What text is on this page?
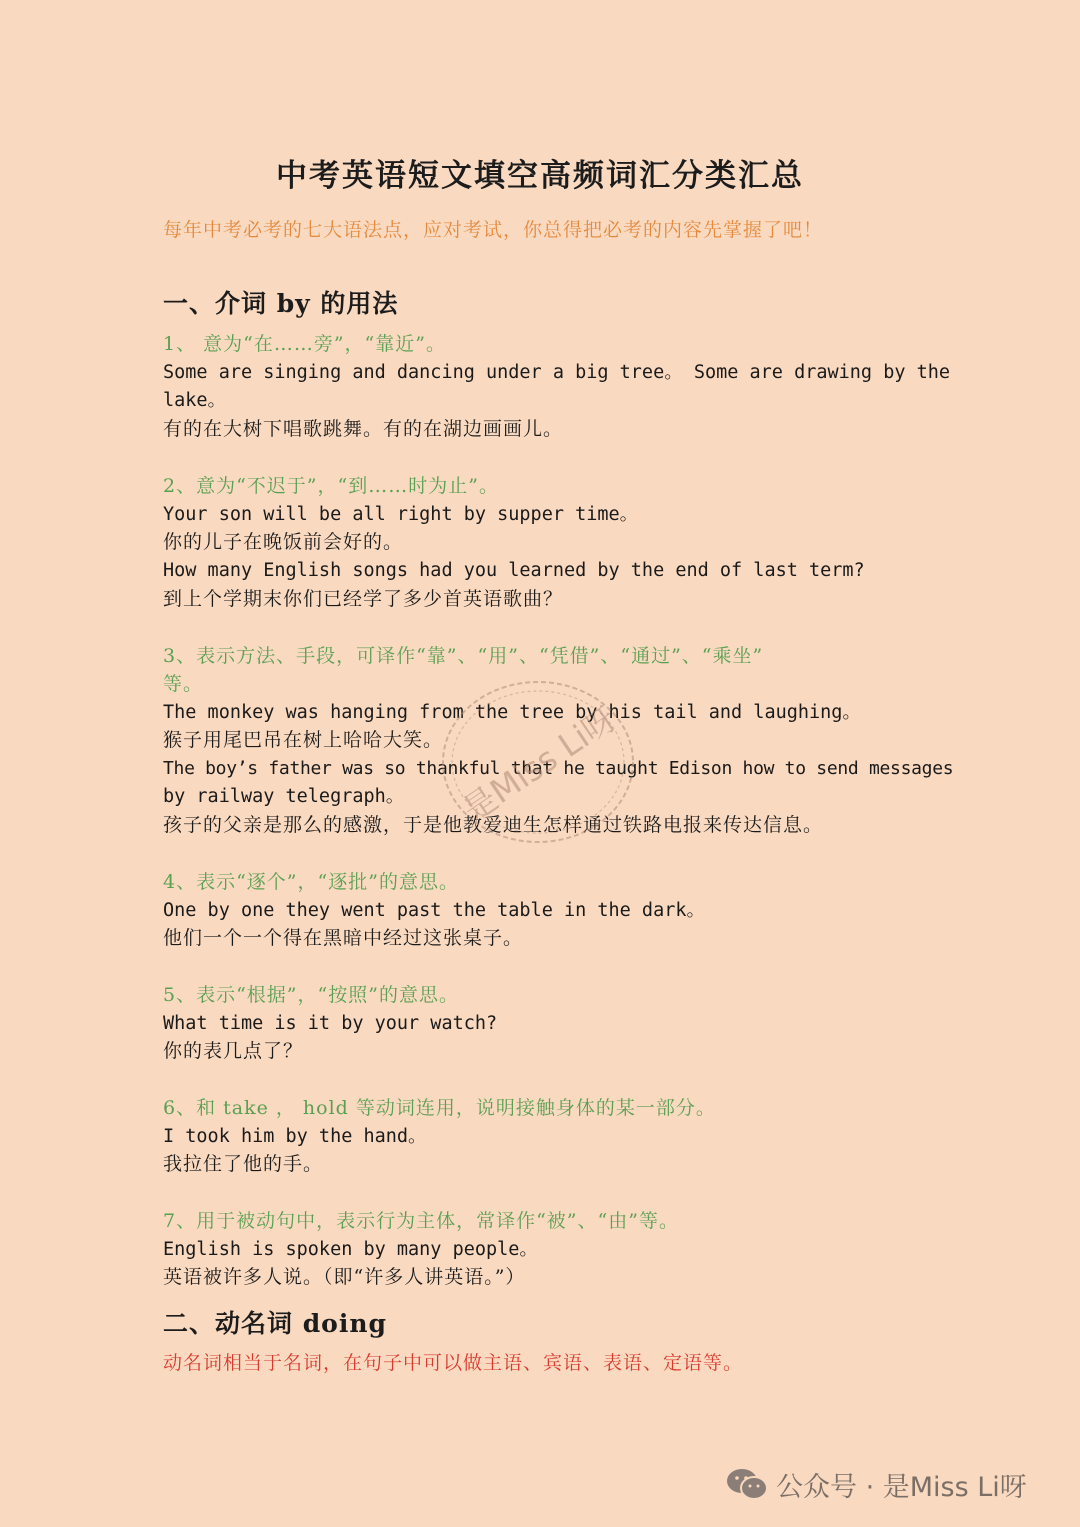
中考英语短文填空高频词汇分类汇总
每年中考必考的七大语法点，应对考试，你总得把必考的内容先掌握了吧！
一、介词 by 的用法
1、 意为“在……旁”，“靠近”。
Some are singing and dancing under a big tree。 Some are drawing by the
lake。
有的在大树下唱歌跳舞。有的在湖边画画儿。
2、意为“不迟于”，“到……时为止”。
Your son will be all right by supper time。
你的儿子在晚饭前会好的。
How many English songs had you learned by the end of last term?
到上个学期末你们已经学了多少首英语歌曲？
3、表示方法、手段，可译作“靠”、“用”、“凭借”、“通过”、“乘坐”
等。
The monkey was hanging from the tree by his tail and laughing。
猴子用尾巴吊在树上哈哈大笑。
The boy’s father was so thankful that he taught Edison how to send messages
by railway telegraph。
孩子的父亲是那么的感激，于是他教爱迪生怎样通过铁路电报来传达信息。
4、表示“逐个”，“逐批”的意思。
One by one they went past the table in the dark。
他们一个一个得在黑暗中经过这张桌子。
5、表示“根据”，“按照”的意思。
What time is it by your watch?
你的表几点了？
6、和 take ， hold 等动词连用，说明接触身体的某一部分。
I took him by the hand。
我拉住了他的手。
7、用于被动句中，表示行为主体，常译作“被”、“由”等。
English is spoken by many people。
英语被许多人说。（即“许多人讲英语。”）
二、动名词 doing
动名词相当于名词，在句子中可以做主语、宾语、表语、定语等。
是Miss Li呀
公众号 · 是Miss Li呀
